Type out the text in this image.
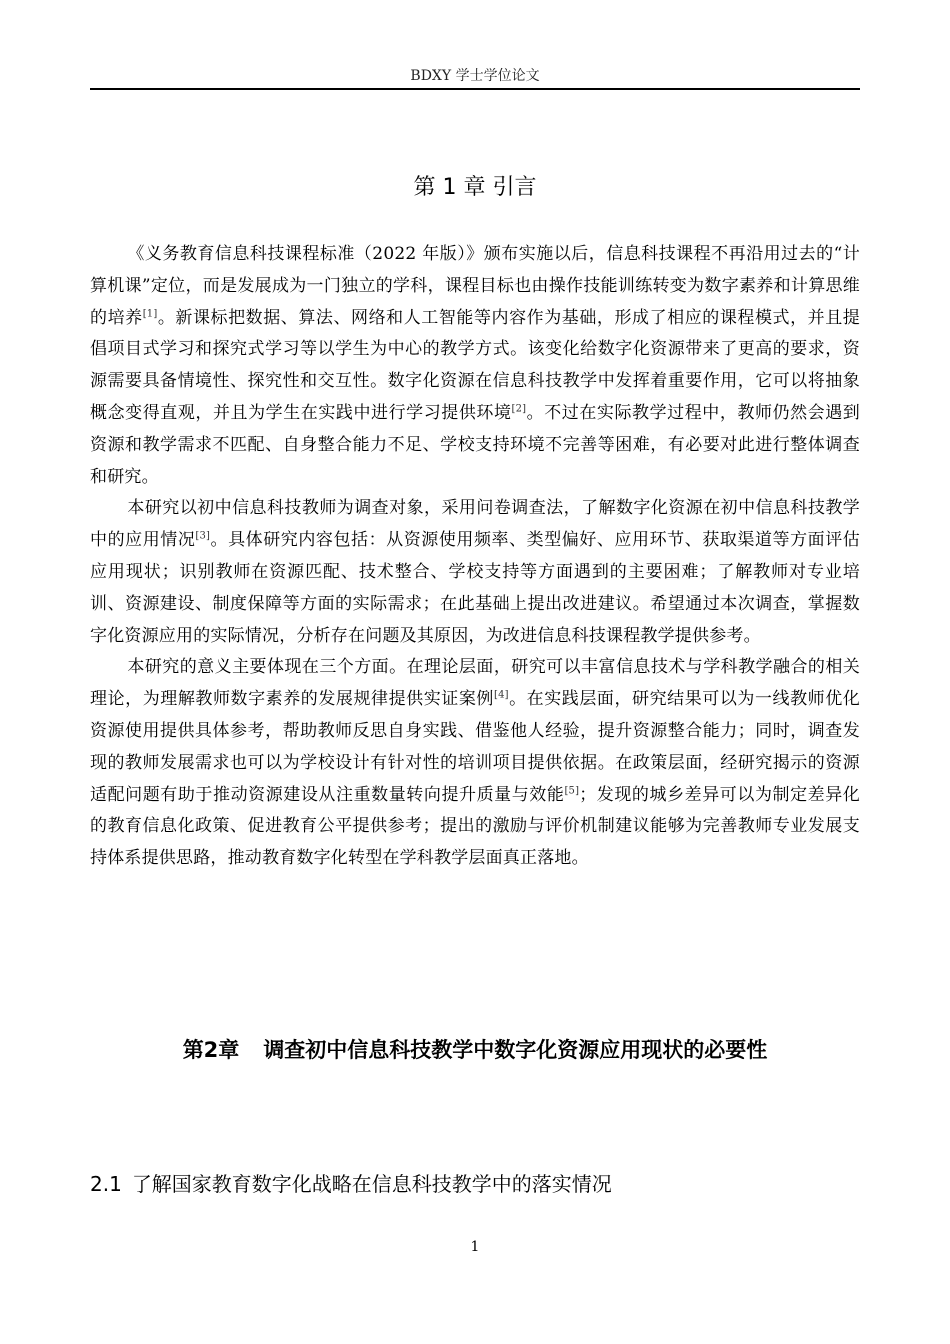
BDXY 学士学位论文
第 1 章 引言

《义务教育信息科技课程标准（2022 年版）》颁布实施以后，信息科技课程不再沿用过去的“计算机课”定位，而是发展成为一门独立的学科，课程目标也由操作技能训练转变为数字素养和计算思维的培养[1]。新课标把数据、算法、网络和人工智能等内容作为基础，形成了相应的课程模式，并且提倡项目式学习和探究式学习等以学生为中心的教学方式。该变化给数字化资源带来了更高的要求，资源需要具备情境性、探究性和交互性。数字化资源在信息科技教学中发挥着重要作用，它可以将抽象概念变得直观，并且为学生在实践中进行学习提供环境[2]。不过在实际教学过程中，教师仍然会遇到资源和教学需求不匹配、自身整合能力不足、学校支持环境不完善等困难，有必要对此进行整体调查和研究。

本研究以初中信息科技教师为调查对象，采用问卷调查法，了解数字化资源在初中信息科技教学中的应用情况[3]。具体研究内容包括：从资源使用频率、类型偏好、应用环节、获取渠道等方面评估应用现状；识别教师在资源匹配、技术整合、学校支持等方面遇到的主要困难；了解教师对专业培训、资源建设、制度保障等方面的实际需求；在此基础上提出改进建议。希望通过本次调查，掌握数字化资源应用的实际情况，分析存在问题及其原因，为改进信息科技课程教学提供参考。

本研究的意义主要体现在三个方面。在理论层面，研究可以丰富信息技术与学科教学融合的相关理论，为理解教师数字素养的发展规律提供实证案例[4]。在实践层面，研究结果可以为一线教师优化资源使用提供具体参考，帮助教师反思自身实践、借鉴他人经验，提升资源整合能力；同时，调查发现的教师发展需求也可以为学校设计有针对性的培训项目提供依据。在政策层面，经研究揭示的资源适配问题有助于推动资源建设从注重数量转向提升质量与效能[5]；发现的城乡差异可以为制定差异化的教育信息化政策、促进教育公平提供参考；提出的激励与评价机制建议能够为完善教师专业发展支持体系提供思路，推动教育数字化转型在学科教学层面真正落地。

第2章 调查初中信息科技教学中数字化资源应用现状的必要性
2.1 了解国家教育数字化战略在信息科技教学中的落实情况
1
